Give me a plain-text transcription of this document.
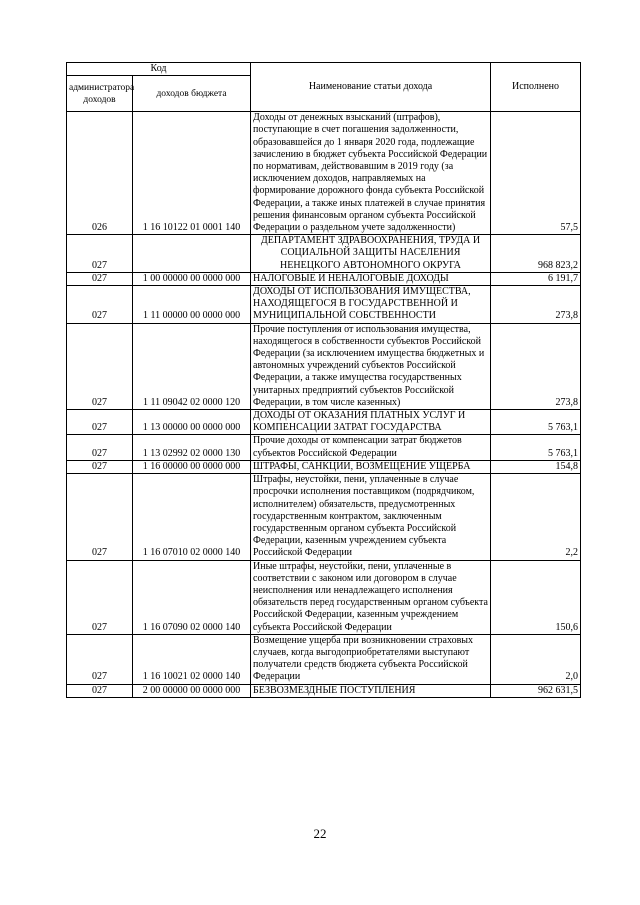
Код		Наименование статьи дохода	Исполнено
администратора доходов	доходов бюджета		
026	1 16 10122 01 0001 140	Доходы от денежных взысканий (штрафов), поступающие в счет погашения задолженности, образовавшейся до 1 января 2020 года, подлежащие зачислению в бюджет субъекта Российской Федерации по нормативам, действовавшим в 2019 году (за исключением доходов, направляемых на формирование дорожного фонда субъекта Российской Федерации, а также иных платежей в случае принятия решения финансовым органом субъекта Российской Федерации о раздельном учете задолженности)	57,5
027		ДЕПАРТАМЕНТ ЗДРАВООХРАНЕНИЯ, ТРУДА И СОЦИАЛЬНОЙ ЗАЩИТЫ НАСЕЛЕНИЯ НЕНЕЦКОГО АВТОНОМНОГО ОКРУГА	968 823,2
027	1 00 00000 00 0000 000	НАЛОГОВЫЕ И НЕНАЛОГОВЫЕ ДОХОДЫ	6 191,7
027	1 11 00000 00 0000 000	ДОХОДЫ ОТ ИСПОЛЬЗОВАНИЯ ИМУЩЕСТВА, НАХОДЯЩЕГОСЯ В ГОСУДАРСТВЕННОЙ И МУНИЦИПАЛЬНОЙ СОБСТВЕННОСТИ	273,8
027	1 11 09042 02 0000 120	Прочие поступления от использования имущества, находящегося в собственности субъектов Российской Федерации (за исключением имущества бюджетных и автономных учреждений субъектов Российской Федерации, а также имущества государственных унитарных предприятий субъектов Российской Федерации, в том числе казенных)	273,8
027	1 13 00000 00 0000 000	ДОХОДЫ ОТ ОКАЗАНИЯ ПЛАТНЫХ УСЛУГ И КОМПЕНСАЦИИ ЗАТРАТ ГОСУДАРСТВА	5 763,1
027	1 13 02992 02 0000 130	Прочие доходы от компенсации затрат бюджетов субъектов Российской Федерации	5 763,1
027	1 16 00000 00 0000 000	ШТРАФЫ, САНКЦИИ, ВОЗМЕЩЕНИЕ УЩЕРБА	154,8
027	1 16 07010 02 0000 140	Штрафы, неустойки, пени, уплаченные в случае просрочки исполнения поставщиком (подрядчиком, исполнителем) обязательств, предусмотренных государственным контрактом, заключенным государственным органом субъекта Российской Федерации, казенным учреждением субъекта Российской Федерации	2,2
027	1 16 07090 02 0000 140	Иные штрафы, неустойки, пени, уплаченные в соответствии с законом или договором в случае неисполнения или ненадлежащего исполнения обязательств перед государственным органом субъекта Российской Федерации, казенным учреждением субъекта Российской Федерации	150,6
027	1 16 10021 02 0000 140	Возмещение ущерба при возникновении страховых случаев, когда выгодоприобретателями выступают получатели средств бюджета субъекта Российской Федерации	2,0
027	2 00 00000 00 0000 000	БЕЗВОЗМЕЗДНЫЕ ПОСТУПЛЕНИЯ	962 631,5
22
